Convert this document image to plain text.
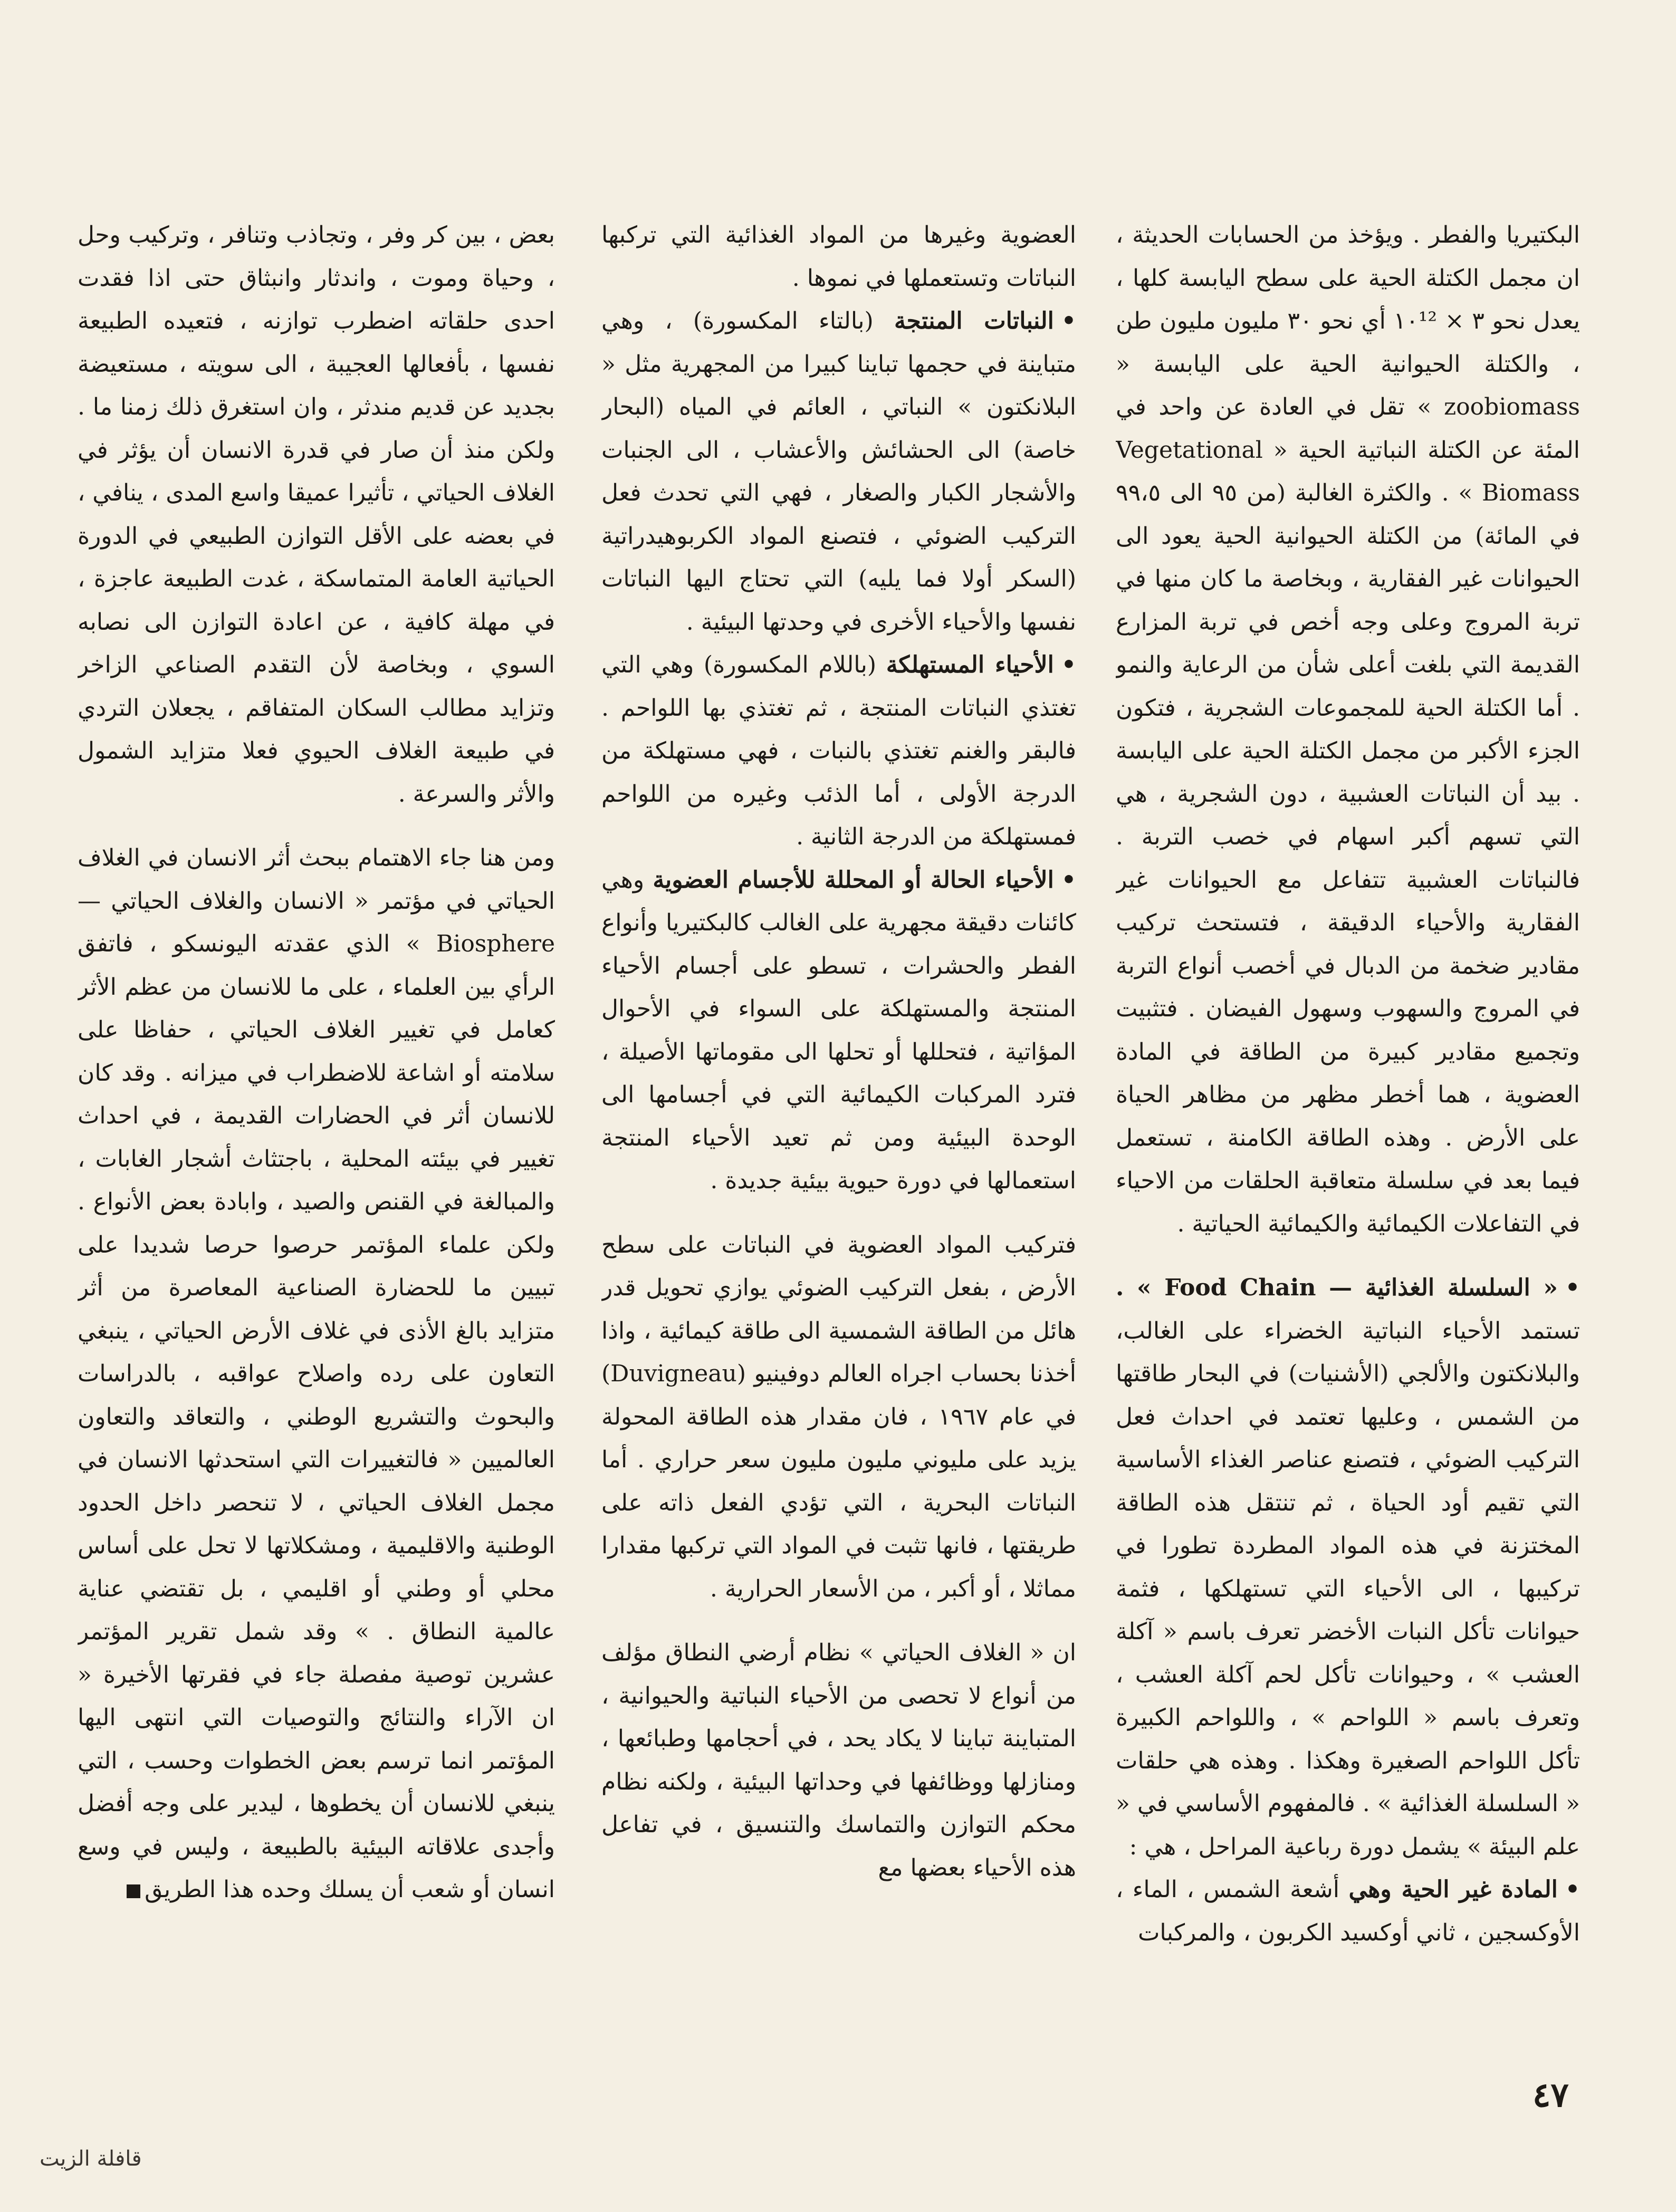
البكتيريا والفطر . ويؤخذ من الحسابات الحديثة ، ان مجمل الكتلة الحية على سطح اليابسة كلها ، يعدل نحو ٣ × ١٠¹² أي نحو ٣٠ مليون مليون طن ، والكتلة الحيوانية الحية على اليابسة « zoobiomass » تقل في العادة عن واحد في المئة عن الكتلة النباتية الحية « Vegetational Biomass » . والكثرة الغالبة (من ٩٥ الى ٩٩،٥ في المائة) من الكتلة الحيوانية الحية يعود الى الحيوانات غير الفقارية ، وبخاصة ما كان منها في تربة المروج وعلى وجه أخص في تربة المزارع القديمة التي بلغت أعلى شأن من الرعاية والنمو . أما الكتلة الحية للمجموعات الشجرية ، فتكون الجزء الأكبر من مجمل الكتلة الحية على اليابسة . بيد أن النباتات العشبية ، دون الشجرية ، هي التي تسهم أكبر اسهام في خصب التربة . فالنباتات العشبية تتفاعل مع الحيوانات غير الفقارية والأحياء الدقيقة ، فتستحث تركيب مقادير ضخمة من الدبال في أخصب أنواع التربة في المروج والسهوب وسهول الفيضان . فتثبيت وتجميع مقادير كبيرة من الطاقة في المادة العضوية ، هما أخطر مظهر من مظاهر الحياة على الأرض . وهذه الطاقة الكامنة ، تستعمل فيما بعد في سلسلة متعاقبة الحلقات من الاحياء في التفاعلات الكيمائية والكيمائية الحياتية .

•« السلسلة الغذائية — Food Chain » . تستمد الأحياء النباتية الخضراء على الغالب، والبلانكتون والألجي (الأشنيات) في البحار طاقتها من الشمس ، وعليها تعتمد في احداث فعل التركيب الضوئي ، فتصنع عناصر الغذاء الأساسية التي تقيم أود الحياة ، ثم تنتقل هذه الطاقة المختزنة في هذه المواد المطردة تطورا في تركيبها ، الى الأحياء التي تستهلكها ، فثمة حيوانات تأكل النبات الأخضر تعرف باسم « آكلة العشب » ، وحيوانات تأكل لحم آكلة العشب ، وتعرف باسم « اللواحم » ، واللواحم الكبيرة تأكل اللواحم الصغيرة وهكذا . وهذه هي حلقات « السلسلة الغذائية » . فالمفهوم الأساسي في « علم البيئة » يشمل دورة رباعية المراحل ، هي :

•المادة غير الحية وهي أشعة الشمس ، الماء ، الأوكسجين ، ثاني أوكسيد الكربون ، والمركبات

العضوية وغيرها من المواد الغذائية التي تركبها النباتات وتستعملها في نموها .

•النباتات المنتجة (بالتاء المكسورة) ، وهي متباينة في حجمها تباينا كبيرا من المجهرية مثل « البلانكتون » النباتي ، العائم في المياه (البحار خاصة) الى الحشائش والأعشاب ، الى الجنبات والأشجار الكبار والصغار ، فهي التي تحدث فعل التركيب الضوئي ، فتصنع المواد الكربوهيدراتية (السكر أولا فما يليه) التي تحتاج اليها النباتات نفسها والأحياء الأخرى في وحدتها البيئية .

•الأحياء المستهلكة (باللام المكسورة) وهي التي تغتذي النباتات المنتجة ، ثم تغتذي بها اللواحم . فالبقر والغنم تغتذي بالنبات ، فهي مستهلكة من الدرجة الأولى ، أما الذئب وغيره من اللواحم فمستهلكة من الدرجة الثانية .

•الأحياء الحالة أو المحللة للأجسام العضوية وهي كائنات دقيقة مجهرية على الغالب كالبكتيريا وأنواع الفطر والحشرات ، تسطو على أجسام الأحياء المنتجة والمستهلكة على السواء في الأحوال المؤاتية ، فتحللها أو تحلها الى مقوماتها الأصيلة ، فترد المركبات الكيمائية التي في أجسامها الى الوحدة البيئية ومن ثم تعيد الأحياء المنتجة استعمالها في دورة حيوية بيئية جديدة .

فتركيب المواد العضوية في النباتات على سطح الأرض ، بفعل التركيب الضوئي يوازي تحويل قدر هائل من الطاقة الشمسية الى طاقة كيمائية ، واذا أخذنا بحساب اجراه العالم دوفينيو (Duvigneau) في عام ١٩٦٧ ، فان مقدار هذه الطاقة المحولة يزيد على مليوني مليون مليون سعر حراري . أما النباتات البحرية ، التي تؤدي الفعل ذاته على طريقتها ، فانها تثبت في المواد التي تركبها مقدارا مماثلا ، أو أكبر ، من الأسعار الحرارية .

ان « الغلاف الحياتي » نظام أرضي النطاق مؤلف من أنواع لا تحصى من الأحياء النباتية والحيوانية ، المتباينة تباينا لا يكاد يحد ، في أحجامها وطبائعها ، ومنازلها ووظائفها في وحداتها البيئية ، ولكنه نظام محكم التوازن والتماسك والتنسيق ، في تفاعل هذه الأحياء بعضها مع

بعض ، بين كر وفر ، وتجاذب وتنافر ، وتركيب وحل ، وحياة وموت ، واندثار وانبثاق حتى اذا فقدت احدى حلقاته اضطرب توازنه ، فتعيده الطبيعة نفسها ، بأفعالها العجيبة ، الى سويته ، مستعيضة بجديد عن قديم مندثر ، وان استغرق ذلك زمنا ما . ولكن منذ أن صار في قدرة الانسان أن يؤثر في الغلاف الحياتي ، تأثيرا عميقا واسع المدى ، ينافي ، في بعضه على الأقل التوازن الطبيعي في الدورة الحياتية العامة المتماسكة ، غدت الطبيعة عاجزة ، في مهلة كافية ، عن اعادة التوازن الى نصابه السوي ، وبخاصة لأن التقدم الصناعي الزاخر وتزايد مطالب السكان المتفاقم ، يجعلان التردي في طبيعة الغلاف الحيوي فعلا متزايد الشمول والأثر والسرعة .

ومن هنا جاء الاهتمام ببحث أثر الانسان في الغلاف الحياتي في مؤتمر « الانسان والغلاف الحياتي — Biosphere » الذي عقدته اليونسكو ، فاتفق الرأي بين العلماء ، على ما للانسان من عظم الأثر كعامل في تغيير الغلاف الحياتي ، حفاظا على سلامته أو اشاعة للاضطراب في ميزانه . وقد كان للانسان أثر في الحضارات القديمة ، في احداث تغيير في بيئته المحلية ، باجتثاث أشجار الغابات ، والمبالغة في القنص والصيد ، وابادة بعض الأنواع . ولكن علماء المؤتمر حرصوا حرصا شديدا على تبيين ما للحضارة الصناعية المعاصرة من أثر متزايد بالغ الأذى في غلاف الأرض الحياتي ، ينبغي التعاون على رده واصلاح عواقبه ، بالدراسات والبحوث والتشريع الوطني ، والتعاقد والتعاون العالميين « فالتغييرات التي استحدثها الانسان في مجمل الغلاف الحياتي ، لا تنحصر داخل الحدود الوطنية والاقليمية ، ومشكلاتها لا تحل على أساس محلي أو وطني أو اقليمي ، بل تقتضي عناية عالمية النطاق . » وقد شمل تقرير المؤتمر عشرين توصية مفصلة جاء في فقرتها الأخيرة « ان الآراء والنتائج والتوصيات التي انتهى اليها المؤتمر انما ترسم بعض الخطوات وحسب ، التي ينبغي للانسان أن يخطوها ، ليدير على وجه أفضل وأجدى علاقاته البيئية بالطبيعة ، وليس في وسع انسان أو شعب أن يسلك وحده هذا الطريق

٤٧
قافلة الزيت
